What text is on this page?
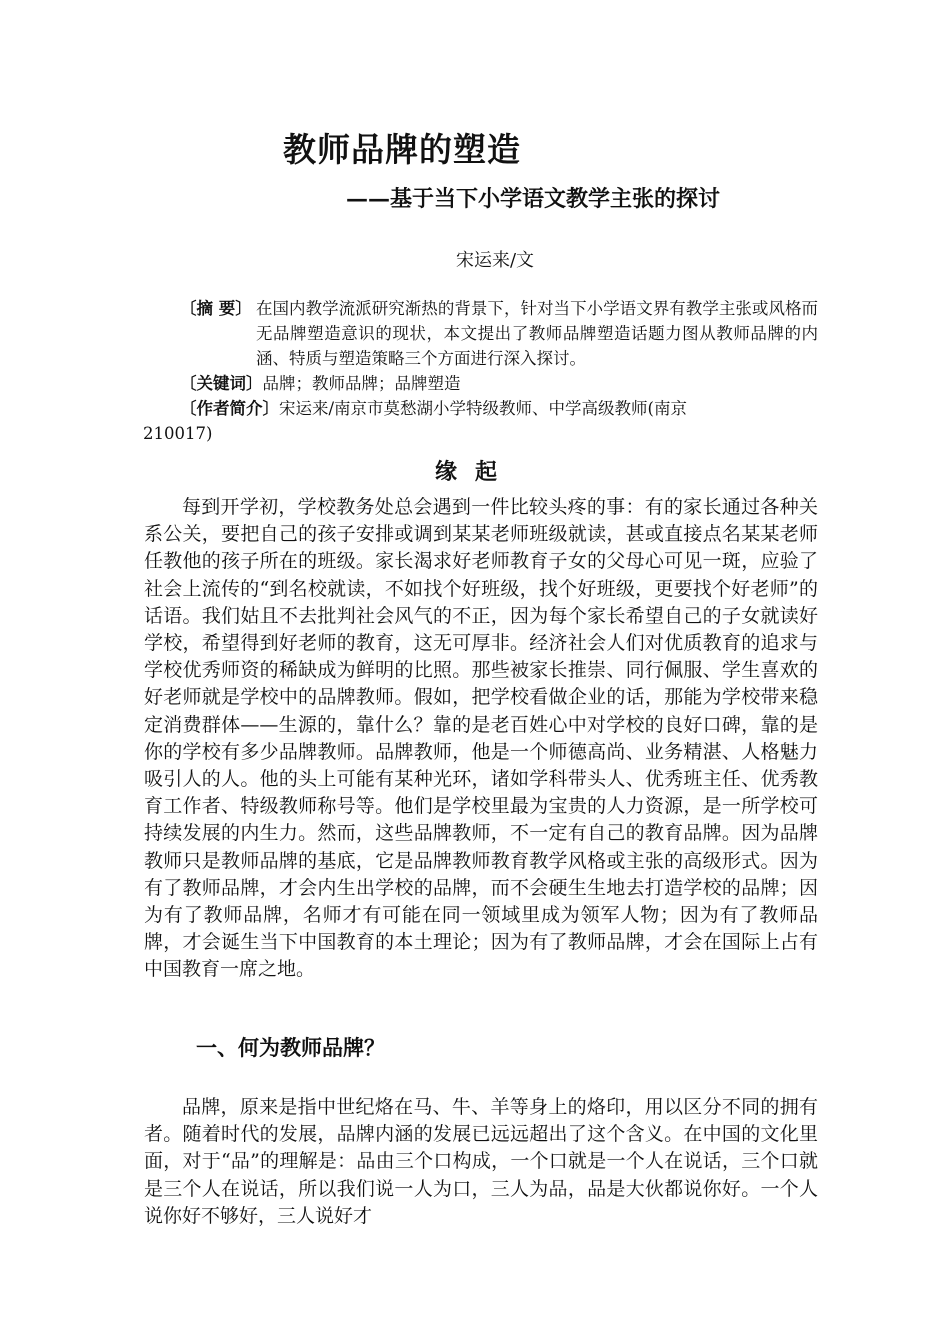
教师品牌的塑造
——基于当下小学语文教学主张的探讨
宋运来/文
〔摘 要〕 在国内教学流派研究渐热的背景下，针对当下小学语文界有教学主张或风格而无品牌塑造意识的现状，本文提出了教师品牌塑造话题力图从教师品牌的内涵、特质与塑造策略三个方面进行深入探讨。
〔关键词〕品牌；教师品牌；品牌塑造
〔作者简介〕宋运来/南京市莫愁湖小学特级教师、中学高级教师(南京
210017)
缘起

每到开学初，学校教务处总会遇到一件比较头疼的事：有的家长通过各种关系公关，要把自己的孩子安排或调到某某老师班级就读，甚或直接点名某某老师任教他的孩子所在的班级。家长渴求好老师教育子女的父母心可见一斑，应验了社会上流传的“到名校就读，不如找个好班级，找个好班级，更要找个好老师”的话语。我们姑且不去批判社会风气的不正，因为每个家长希望自己的子女就读好学校，希望得到好老师的教育，这无可厚非。经济社会人们对优质教育的追求与学校优秀师资的稀缺成为鲜明的比照。那些被家长推崇、同行佩服、学生喜欢的好老师就是学校中的品牌教师。假如，把学校看做企业的话，那能为学校带来稳定消费群体——生源的，靠什么？靠的是老百姓心中对学校的良好口碑，靠的是你的学校有多少品牌教师。品牌教师，他是一个师德高尚、业务精湛、人格魅力吸引人的人。他的头上可能有某种光环，诸如学科带头人、优秀班主任、优秀教育工作者、特级教师称号等。他们是学校里最为宝贵的人力资源，是一所学校可持续发展的内生力。然而，这些品牌教师，不一定有自己的教育品牌。因为品牌教师只是教师品牌的基底，它是品牌教师教育教学风格或主张的高级形式。因为有了教师品牌，才会内生出学校的品牌，而不会硬生生地去打造学校的品牌；因为有了教师品牌，名师才有可能在同一领域里成为领军人物；因为有了教师品牌，才会诞生当下中国教育的本土理论；因为有了教师品牌，才会在国际上占有中国教育一席之地。

一、何为教师品牌？

品牌，原来是指中世纪烙在马、牛、羊等身上的烙印，用以区分不同的拥有者。随着时代的发展，品牌内涵的发展已远远超出了这个含义。在中国的文化里面，对于“品”的理解是：品由三个口构成，一个口就是一个人在说话，三个口就是三个人在说话，所以我们说一人为口，三人为品，品是大伙都说你好。一个人说你好不够好，三人说好才
